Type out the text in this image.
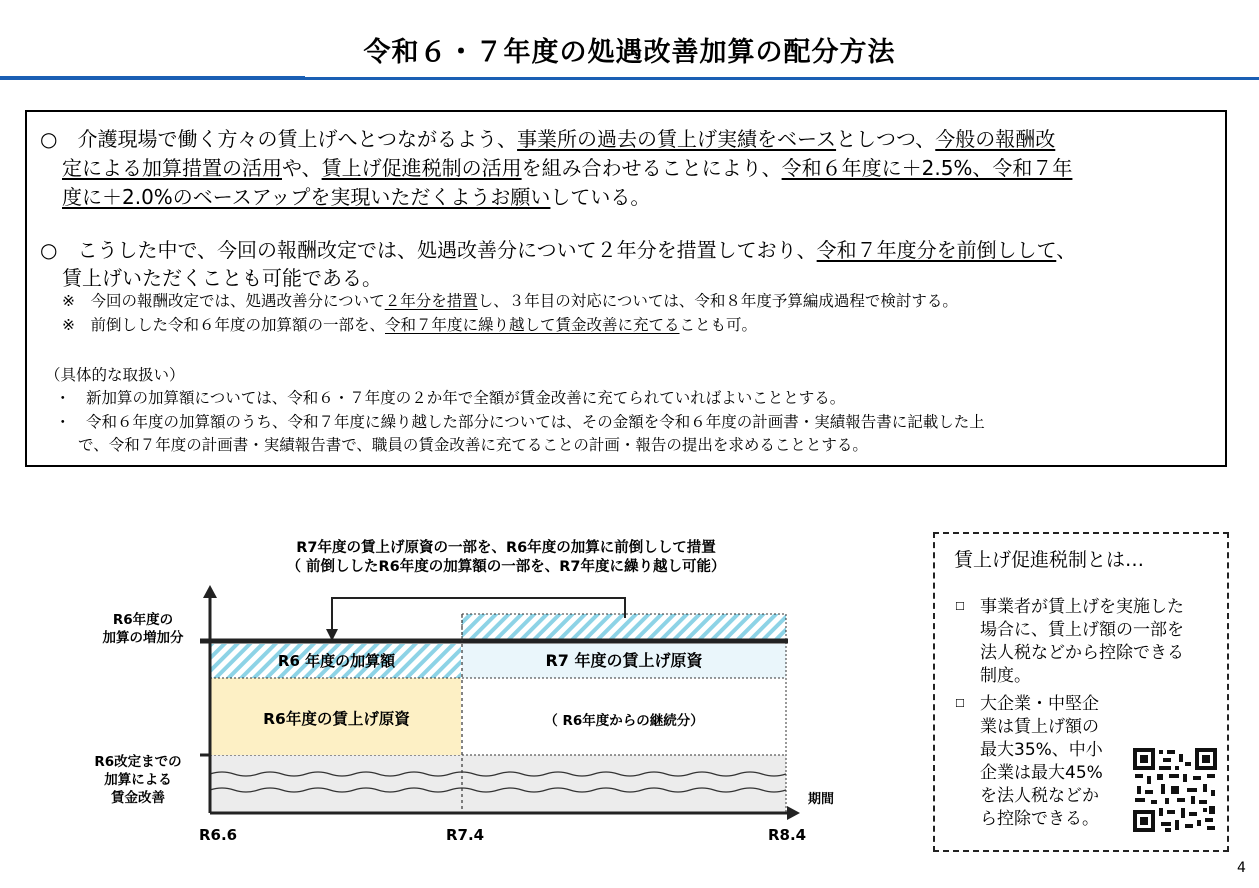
令和６・７年度の処遇改善加算の配分方法
○　介護現場で働く方々の賃上げへとつながるよう、事業所の過去の賃上げ実績をベースとしつつ、今般の報酬改
定による加算措置の活用や、賃上げ促進税制の活用を組み合わせることにより、令和６年度に＋2.5%、令和７年
度に＋2.0%のベースアップを実現いただくようお願いしている。
○　こうした中で、今回の報酬改定では、処遇改善分について２年分を措置しており、令和７年度分を前倒しして、
賃上げいただくことも可能である。
※　今回の報酬改定では、処遇改善分について２年分を措置し、３年目の対応については、令和８年度予算編成過程で検討する。
※　前倒しした令和６年度の加算額の一部を、令和７年度に繰り越して賃金改善に充てることも可。
（具体的な取扱い）
・　新加算の加算額については、令和６・７年度の２か年で全額が賃金改善に充てられていればよいこととする。
・　令和６年度の加算額のうち、令和７年度に繰り越した部分については、その金額を令和６年度の計画書・実績報告書に記載した上
で、令和７年度の計画書・実績報告書で、職員の賃金改善に充てることの計画・報告の提出を求めることとする。
R7年度の賃上げ原資の一部を、R6年度の加算に前倒しして措置
（ 前倒ししたR6年度の加算額の一部を、R7年度に繰り越し可能）
R6年度の
加算の増加分
R6改定までの
加算による
賃金改善
R6 年度の加算額	R7 年度の賃上げ原資
R6年度の賃上げ原資	（ R6年度からの継続分）
R6.6	R7.4	R8.4
期間
賃上げ促進税制とは…
☐ 事業者が賃上げを実施した
場合に、賃上げ額の一部を
法人税などから控除できる
制度。
☐ 大企業・中堅企
業は賃上げ額の
最大35%、中小
企業は最大45%
を法人税などか
ら控除できる。
4
